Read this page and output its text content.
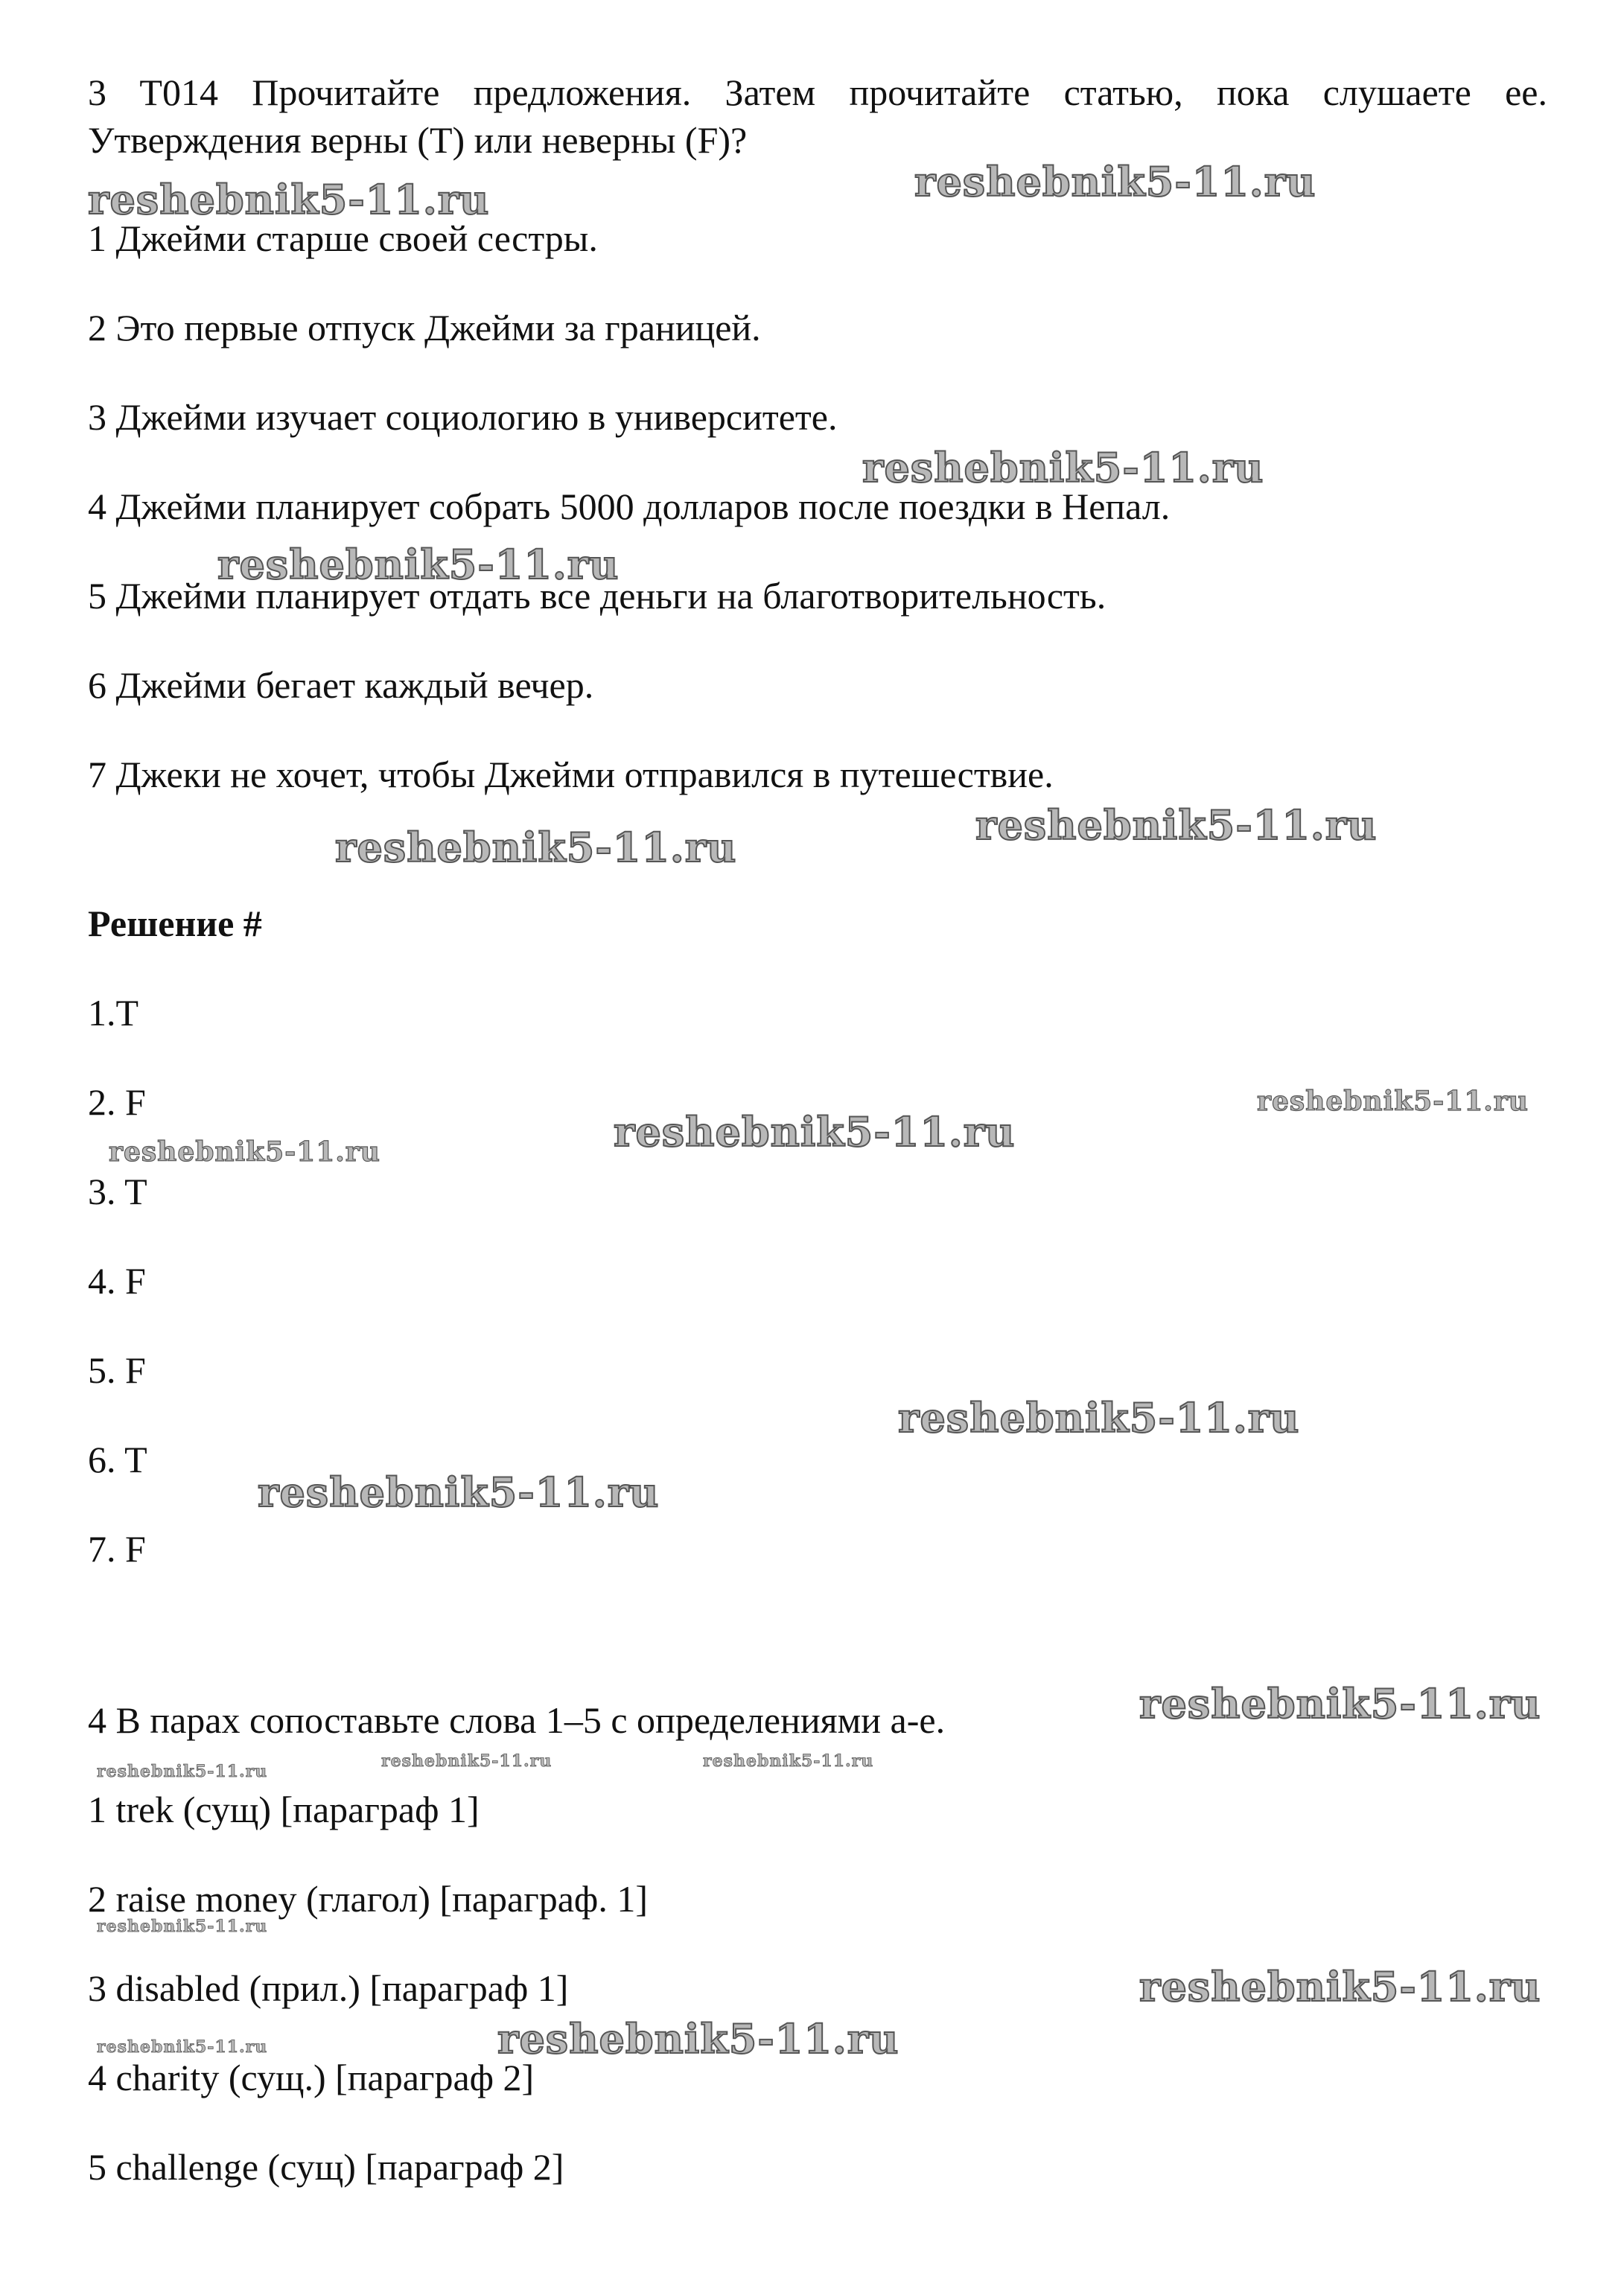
3 T014 Прочитайте предложения. Затем прочитайте статью, пока слушаете ее. Утверждения верны (T) или неверны (F)?
1 Джейми старше своей сестры.
2 Это первые отпуск Джейми за границей.
3 Джейми изучает социологию в университете.
4 Джейми планирует собрать 5000 долларов после поездки в Непал.
5 Джейми планирует отдать все деньги на благотворительность.
6 Джейми бегает каждый вечер.
7 Джеки не хочет, чтобы Джейми отправился в путешествие.
Решение #
1.T
2. F
3. T
4. F
5. F
6. T
7. F
4 В парах сопоставьте слова 1–5 с определениями a-e.
1 trek (сущ) [параграф 1]
2 raise money (глагол) [параграф. 1]
3 disabled (прил.) [параграф 1]
4 charity (сущ.) [параграф 2]
5 challenge (сущ) [параграф 2]
reshebnik5-11.ru	reshebnik5-11.ru
reshebnik5-11.ru
reshebnik5-11.ru
reshebnik5-11.ru
reshebnik5-11.ru
reshebnik5-11.ru
reshebnik5-11.ru
reshebnik5-11.ru
reshebnik5-11.ru
reshebnik5-11.ru
reshebnik5-11.ru
reshebnik5-11.ru
reshebnik5-11.ru	reshebnik5-11.ru
reshebnik5-11.ru
reshebnik5-11.ru
reshebnik5-11.ru
reshebnik5-11.ru
